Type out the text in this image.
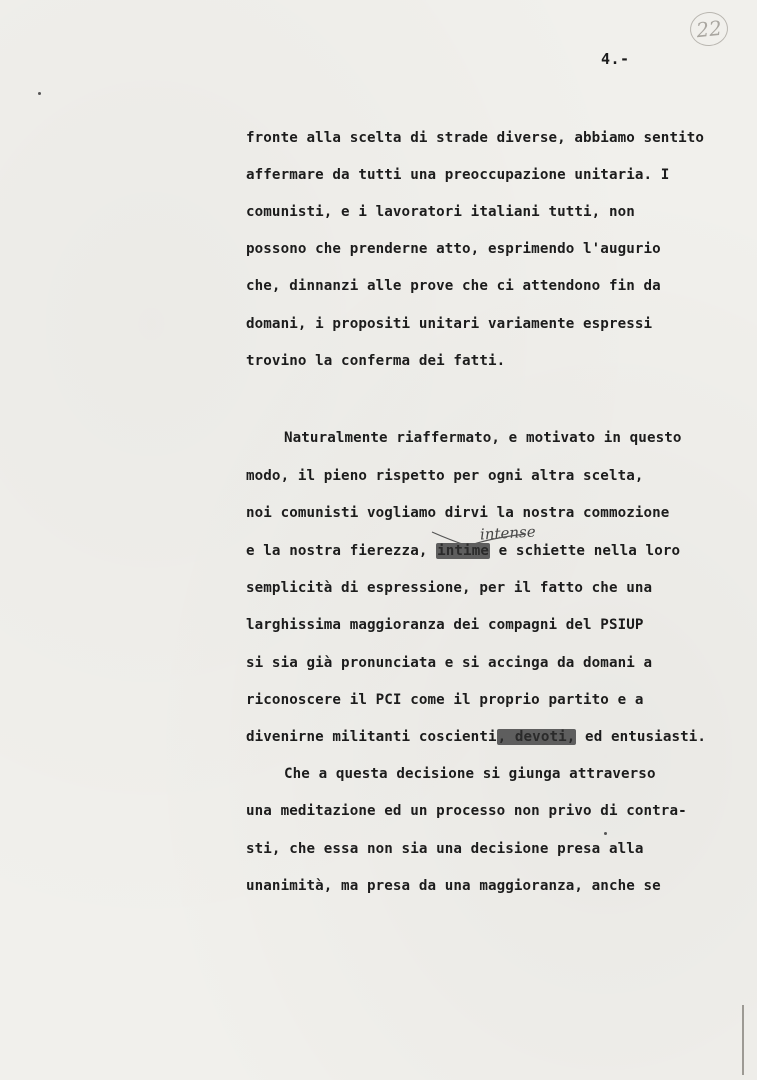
22
4.-
fronte alla scelta di strade diverse, abbiamo sentito
affermare da tutti una preoccupazione unitaria. I
comunisti, e i lavoratori italiani tutti, non
possono che prenderne atto, esprimendo l'augurio
che, dinnanzi alle prove che ci attendono fin da
domani, i propositi unitari variamente espressi
trovino la conferma dei fatti.
Naturalmente riaffermato, e motivato in questo
modo, il pieno rispetto per ogni altra scelta,
noi comunisti vogliamo dirvi la nostra commozione
intense
e la nostra fierezza, intime e schiette nella loro
semplicità di espressione, per il fatto che una
larghissima maggioranza dei compagni del PSIUP
si sia già pronunciata e si accinga da domani a
riconoscere il PCI come il proprio partito e a
divenirne militanti coscienti, devoti, ed entusiasti.
Che a questa decisione si giunga attraverso
una meditazione ed un processo non privo di contra-
sti, che essa non sia una decisione presa alla
unanimità, ma presa da una maggioranza, anche se
